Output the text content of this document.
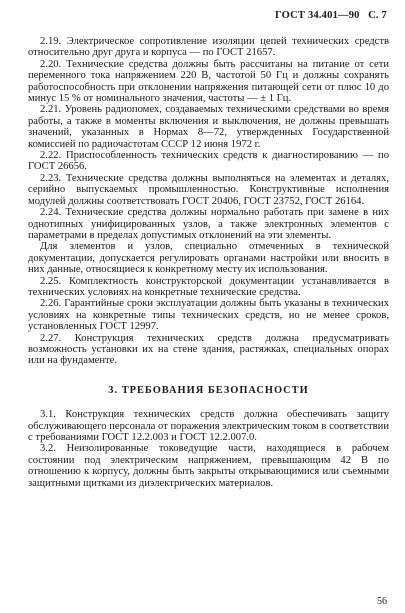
ГОСТ 34.401—90 С. 7

2.19. Электрическое сопротивление изоляции цепей технических средств относительно друг друга и корпуса — по ГОСТ 21657.

2.20. Технические средства должны быть рассчитаны на питание от сети переменного тока напряжением 220 В, частотой 50 Гц и должны сохранять работоспособность при отклонении напряжения питающей сети от плюс 10 до минус 15 % от номинального значения, частоты — ± 1 Гц.

2.21. Уровень радиопомех, создаваемых техническими средствами во время работы, а также в моменты включения и выключения, не должны превышать значений, указанных в Нормах 8—72, утвержденных Государственной комиссией по радиочастотам СССР 12 июня 1972 г.

2.22. Приспособленность технических средств к диагностированию — по ГОСТ 26656.

2.23. Технические средства должны выполняться на элементах и деталях, серийно выпускаемых промышленностью. Конструктивные исполнения модулей должны соответствовать ГОСТ 20406, ГОСТ 23752, ГОСТ 26164.

2.24. Технические средства должны нормально работать при замене в них однотипных унифицированных узлов, а также электронных элементов с параметрами в пределах допустимых отклонений на эти элементы.

Для элементов и узлов, специально отмеченных в технической документации, допускается регулировать органами настройки или вносить в них данные, относящиеся к конкретному месту их использования.

2.25. Комплектность конструкторской документации устанавливается в технических условиях на конкретные технические средства.

2.26. Гарантийные сроки эксплуатации должны быть указаны в технических условиях на конкретные типы технических средств, но не менее сроков, установленных ГОСТ 12997.

2.27. Конструкция технических средств должна предусматривать возможность установки их на стене здания, растяжках, специальных опорах или на фундаменте.

3. ТРЕБОВАНИЯ БЕЗОПАСНОСТИ

3.1. Конструкция технических средств должна обеспечивать защиту обслуживающего персонала от поражения электрическим током в соответствии с требованиями ГОСТ 12.2.003 и ГОСТ 12.2.007.0.

3.2. Неизолированные токоведущие части, находящиеся в рабочем состоянии под электрическим напряжением, превышающим 42 В по отношению к корпусу, должны быть закрыты открывающимися или съемными защитными щитками из диэлектрических материалов.

56
